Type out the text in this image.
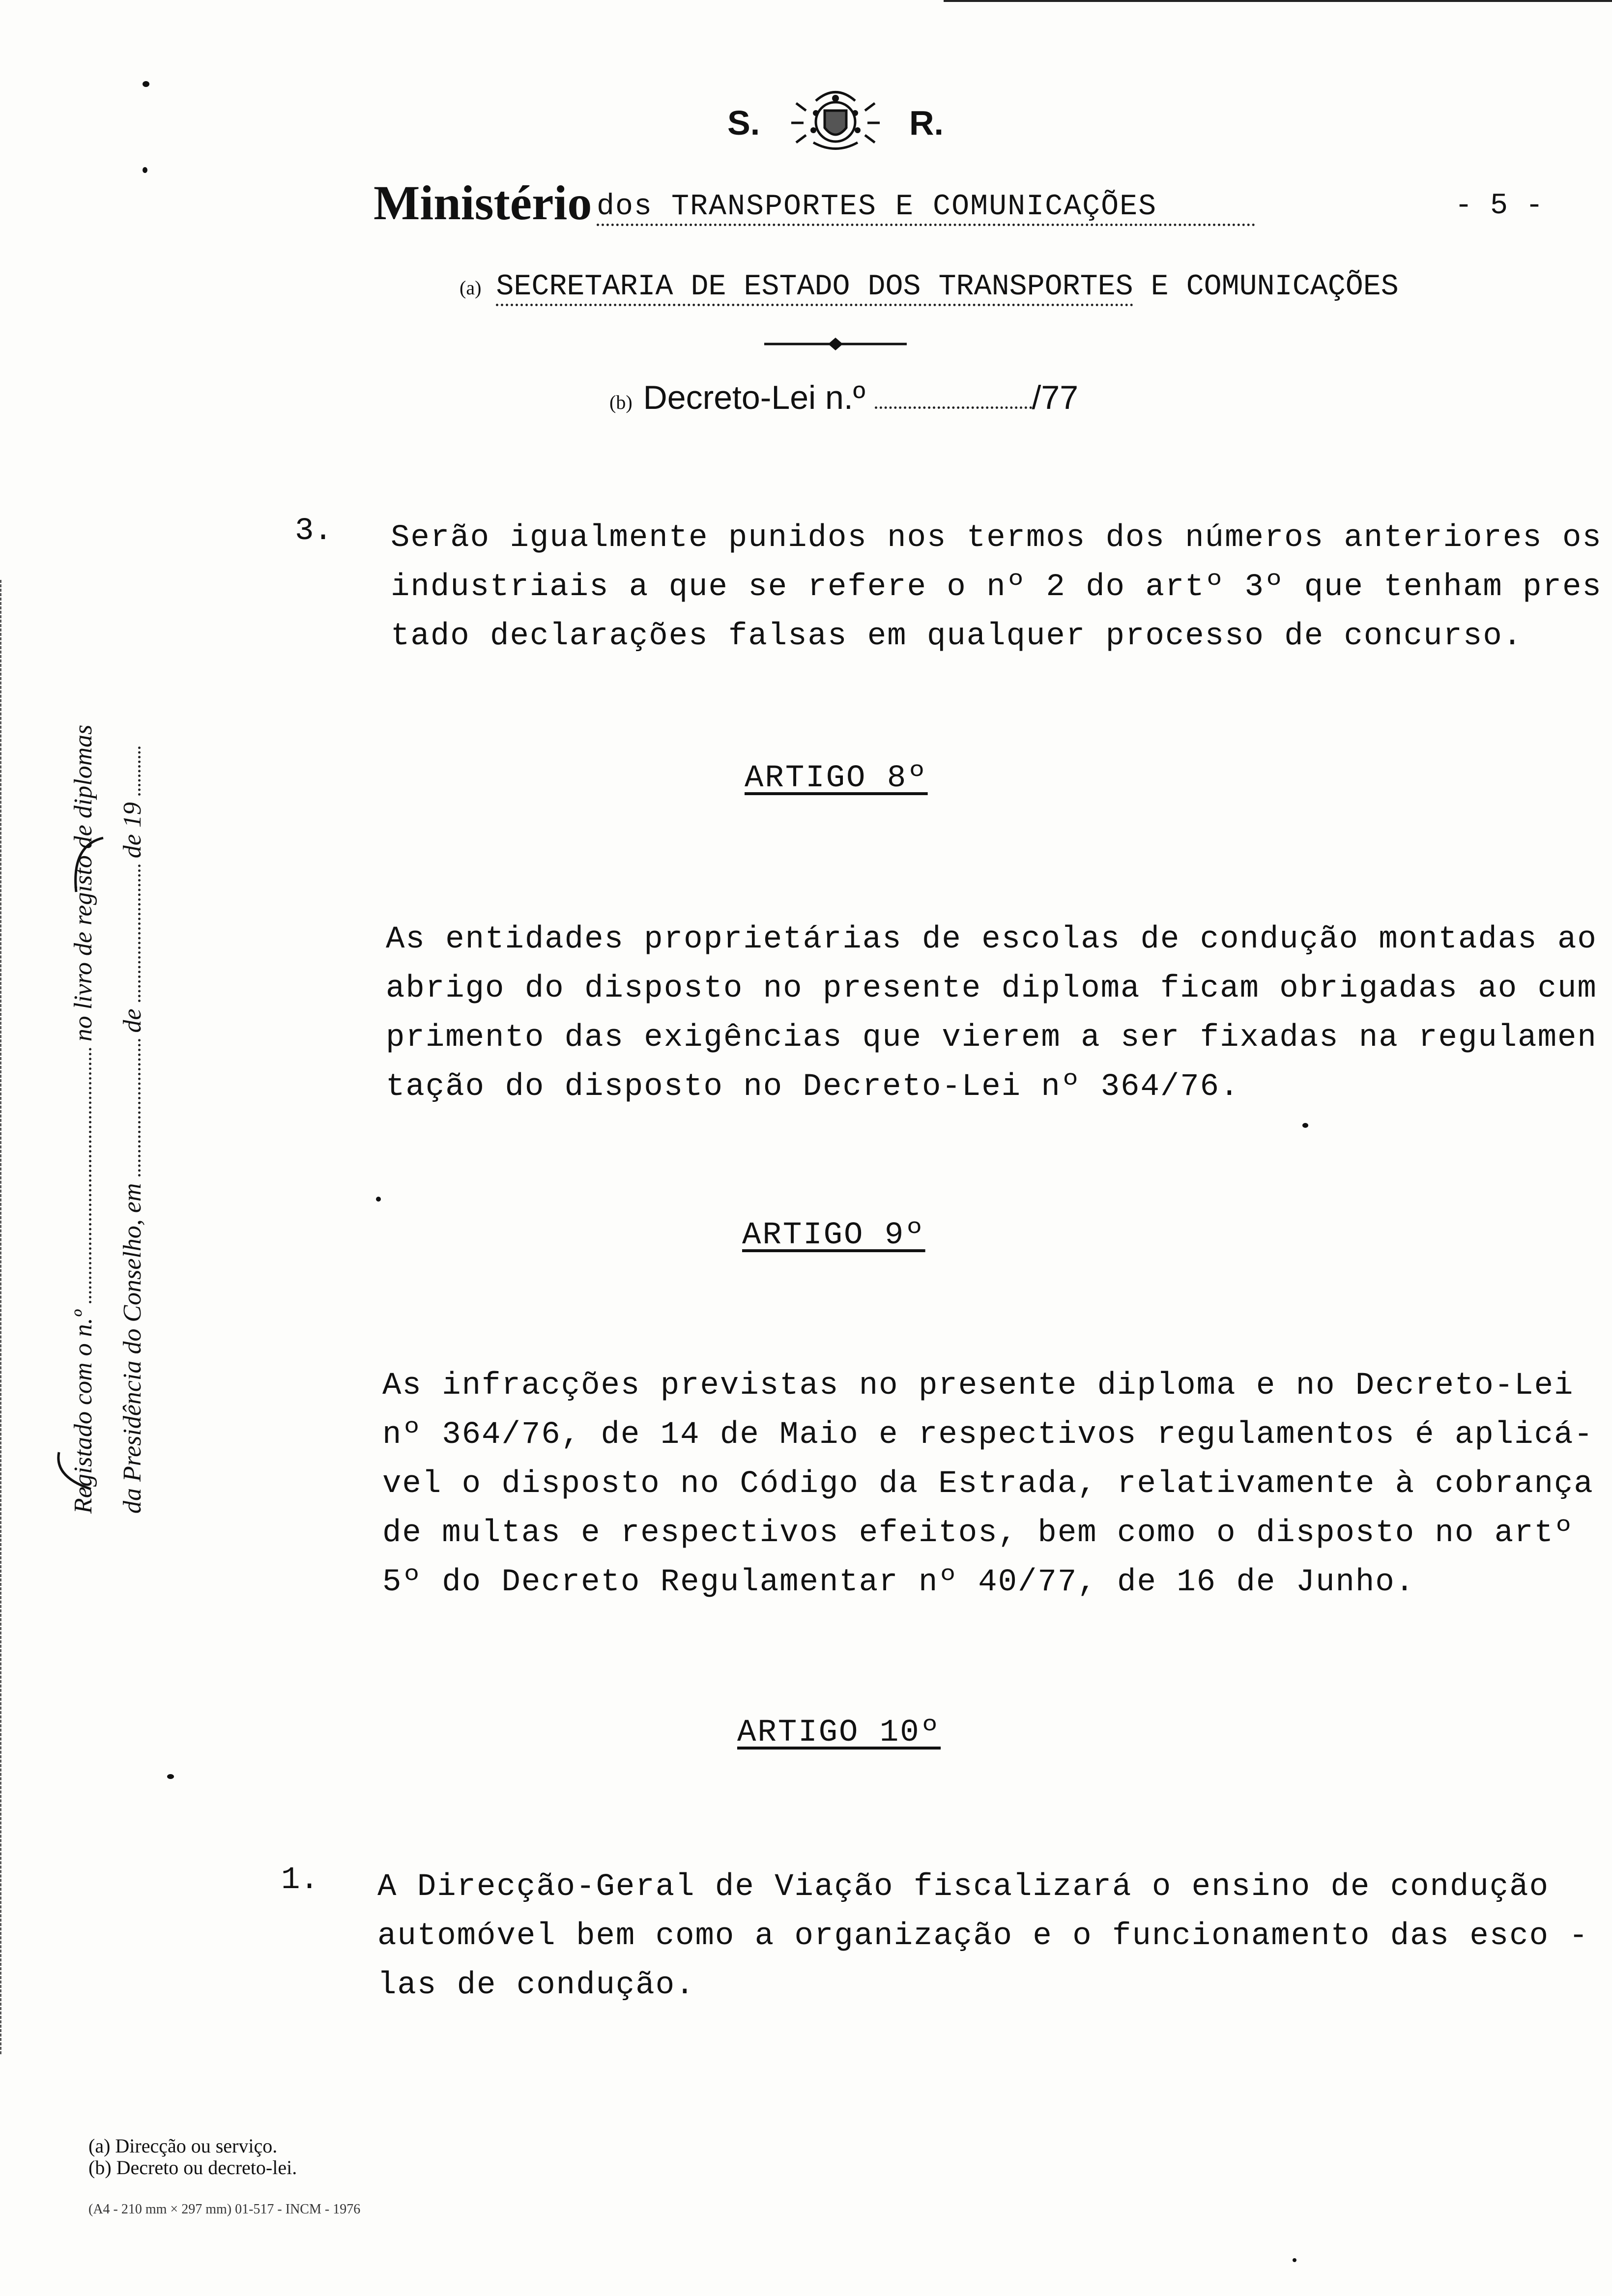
S.	R.
Ministério dos TRANSPORTES E COMUNICAÇÕES	- 5 -
(a) SECRETARIA DE ESTADO DOS TRANSPORTES E COMUNICAÇÕES
(b) Decreto-Lei n.º	/77
3. Serão igualmente punidos nos termos dos números anteriores os
industriais a que se refere o nº 2 do artº 3º que tenham pres
tado declarações falsas em qualquer processo de concurso.
ARTIGO 8º
As entidades proprietárias de escolas de condução montadas ao
abrigo do disposto no presente diploma ficam obrigadas ao cum
primento das exigências que vierem a ser fixadas na regulamen
tação do disposto no Decreto-Lei nº 364/76.
ARTIGO 9º
As infracções previstas no presente diploma e no Decreto-Lei
nº 364/76, de 14 de Maio e respectivos regulamentos é aplicá-
vel o disposto no Código da Estrada, relativamente à cobrança
de multas e respectivos efeitos, bem como o disposto no artº
5º do Decreto Regulamentar nº 40/77, de 16 de Junho.
ARTIGO 10º
1. A Direcção-Geral de Viação fiscalizará o ensino de condução
automóvel bem como a organização e o funcionamento das esco -
las de condução.
Registado com o n.º  no livro de registo de diplomas
da Presidência do Conselho, em  de  de 19
(a) Direcção ou serviço.
(b) Decreto ou decreto-lei.
(A4 - 210 mm × 297 mm) 01-517 - INCM - 1976
